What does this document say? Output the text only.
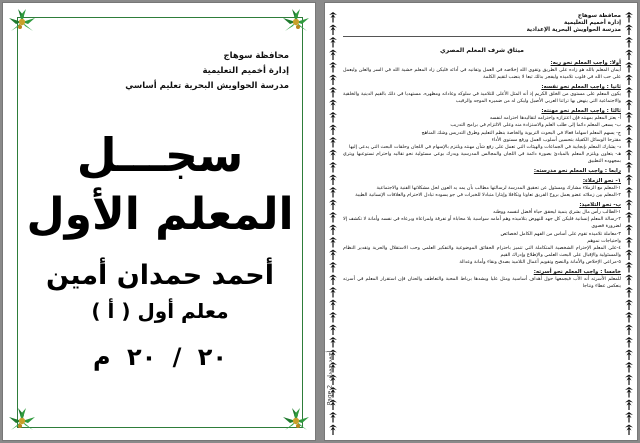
محافظة سوهاج
إدارة أخميم التعليمية
مدرسة الحواويش البحرية تعليم أساسي
سجـــل
المعلم الأول
أحمد حمدان أمين
معلم أول ( أ )
٢٠ / ٢٠ م
محافظة سوهاج
إدارة أخميم التعليمية
مدرسة الحواويش البحرية الإعدادية
ميثاق شرف المعلم المصري
أولا: واجب المعلم نحو ربه:
أيمان المعلم بالله هو زاده على الطريق وتقوى الله إخلاصه في العمل وتفانيه في أدائه فليكن زاد المعلم خشية الله في السر والعلن وليعمل على حب الله في قلوب تلاميذه وليفجر بذلك ثبعا لا ينضب لتقيم الكلمة
ثانيا : واجب المعلم نحو نفسه:
يكون المعلم على مستوى من الخلق الكريم إذ أنه المثل الأعلى للتلاميذ في سلوكه وعاداته ومظهره. مستهديا في ذلك بالقيم الدينية والخلقية والاجتماعية التي ينهض بها تراثنا العربي الأصيل وليكن له من ضميره الموجه والرقيب
ثالثا : واجب المعلم نحو مهنته:
أ- يعتز المعلم بمهنته فإن اعتزازه واحترامه لتقاليدها احترامه لنفسه
ب- يسعى المعلم دائما إلى طلب العلم والاستزادة منه وعلى الالتزام في برامج التدريب
ج- يسهم المعلم اسهاما فعالا في البحوث التربوية والخاصة بنظم التعليم وطرق التدريس وشك المناهج
مقترحا الوسائل الكفيلة بتحسين أسلوب العمل ورفع مستوى الأداء
د- يشارك المعلم بإيجابية في الجماعات والهيئات التي تعمل على رفع شأن مهنته ويلتزم بالإسهام في اللجان وحلقات البحث التي يدعى إليها
هـ- يتعاون ويلتزم المعلم بالمبادئ بصورة دائمة في اللجان والمجالس المدرسية ويدرك بوعي مسئولية نحو تقاليد واحترام تستوعبها ويثري بمجهوده التطبيق
رابعا : واجب المعلم نحو مدرسته:
١- نحو الزملاء:
١-المعلم مع الزملاء مشارك ومسئول عن تحقيق المدرسة لرسالتها مطالب بأن يمد يد العون لحل مشكلاتها الفنية والاجتماعية
٢-المعلم بين زملائه عضو يعمل بروح الفريق تعاونا وتكافلا وإيثارا متبادلا للخبرات في جو يسوده تبادل الاحترام والعلاقات الإنسانية الطيبة
ب- نحو التلاميذ:
١-الطالب رأس مال بشري ينمية ليحقق حياة أفضل لنفسه ووطنه
٢-رسالة المعلم إنسانية فليكن كل جهد للنهوض بتلاميذه وهم أمامه سواسية بلا محاباة أو تفرقة ولمراعاة ويرعاه في نفسه وأمانة لا تكشف إلا لضرورة قصوى
٣-معاملة تلاميذه تقوم على أساس من الفهم الكامل لخصائص
واحتياجات نموهم
٤-على المعلم الإحترام الشخصية المتكاملة التي تتميز باحترام الحقائق الموضوعية والتفكير العلمي وحب الاستقلال والحرية وتقدير النظام والمسئولية والإقبال على البحث العلمي والإطلاع وإدراك القيم
٥-مراعي الإخلاص والأمانة والنصح وتقويم أعمال التلاميذ بصدق ونقاء وأمانة وعدالة
خامسا : واجب المعلم نحو أسرته:
للمعلم الأسرته أنه الأب فيجمعها حول أهداف أساسية ومثل عليا ويشدها برباط المحبة والتعاطف والحنان فإن استقرار المعلم في أسرته ينعكس عطاء ونتاجا
Page 2  أحمد حمدان
